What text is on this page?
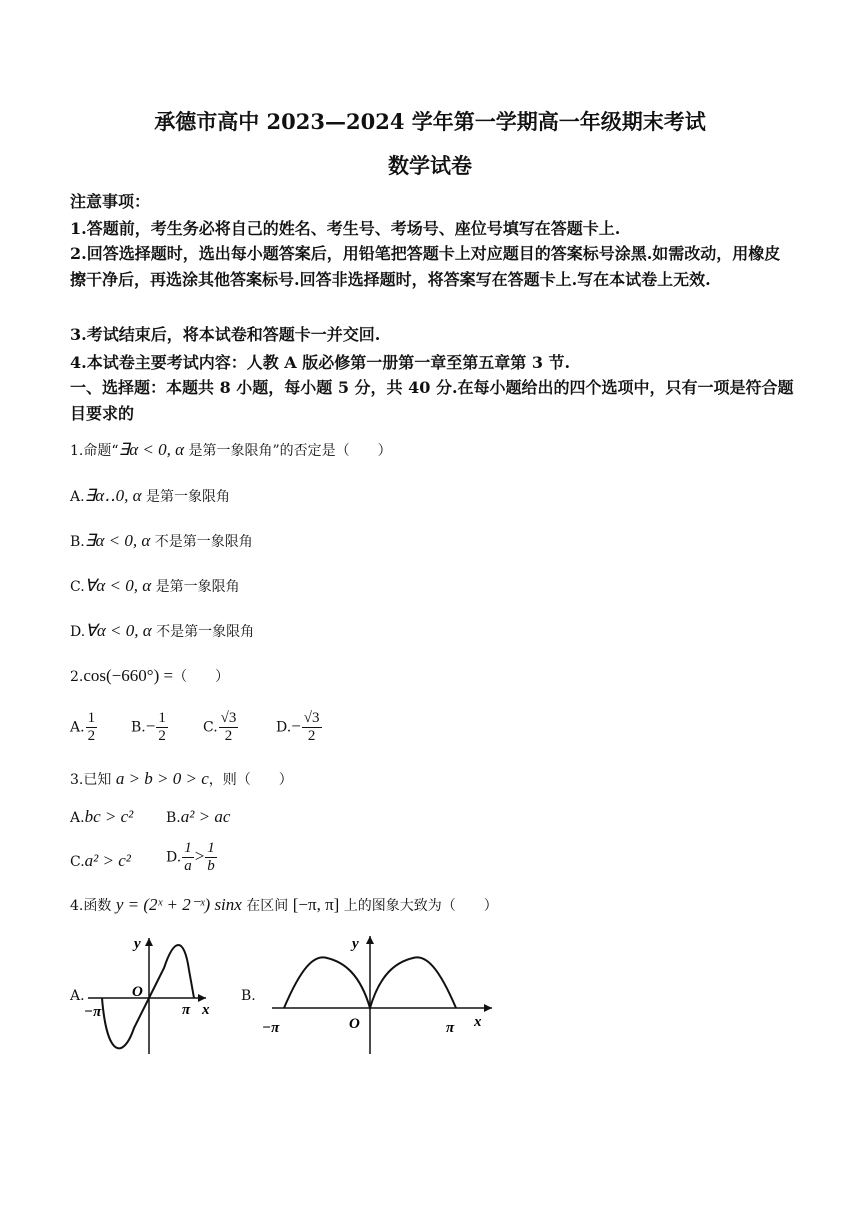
承德市高中 2023—2024 学年第一学期高一年级期末考试
数学试卷
注意事项：
1.答题前，考生务必将自己的姓名、考生号、考场号、座位号填写在答题卡上.
2.回答选择题时，选出每小题答案后，用铅笔把答题卡上对应题目的答案标号涂黑.如需改动，用橡皮擦干净后，再选涂其他答案标号.回答非选择题时，将答案写在答题卡上.写在本试卷上无效.
3.考试结束后，将本试卷和答题卡一并交回.
4.本试卷主要考试内容：人教 A 版必修第一册第一章至第五章第 3 节.
一、选择题：本题共 8 小题，每小题 5 分，共 40 分.在每小题给出的四个选项中，只有一项是符合题目要求的
1.命题“∃α < 0, α 是第一象限角”的否定是（　　）
A.∃α‥0, α 是第一象限角
B.∃α < 0, α 不是第一象限角
C.∀α < 0, α 是第一象限角
D.∀α < 0, α 不是第一象限角
2.cos(−660°) =（　　）
A. $\frac{1}{2} B.- \frac{1}{2}$	C. $\frac{√3}{2}$	$D.- \frac{√3}{2}$
3.已知 a > b > 0 > c，则（　　）
A.bc > c² B.a² > ac
C.a² > c²	D. $\frac{1}{a} > \frac{1}{b}$
4.函数 y = (2ˣ + 2⁻ˣ) sinx 在区间 [−π, π] 上的图象大致为（　　）
A.
y
x
O
−π	π
B.
y
x
O
−π	π
